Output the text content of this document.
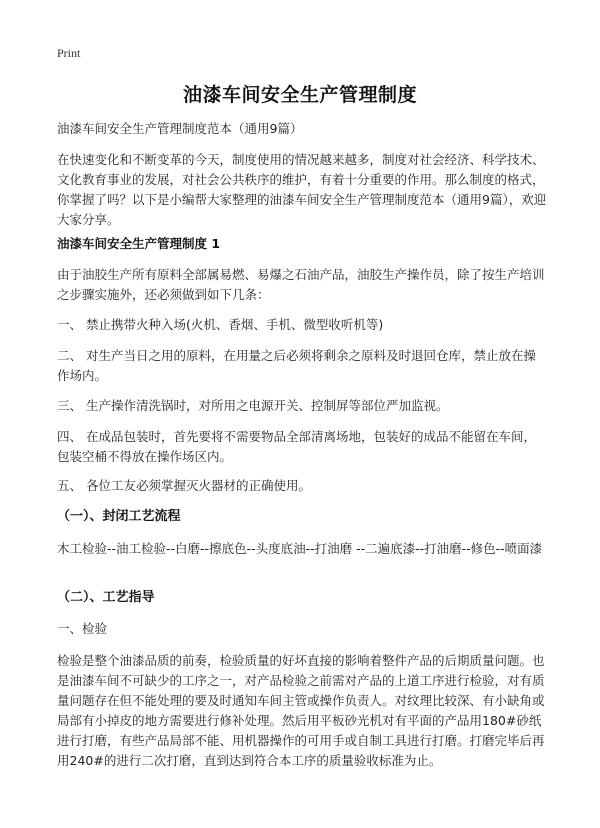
Print
油漆车间安全生产管理制度
油漆车间安全生产管理制度范本（通用9篇）
在快速变化和不断变革的今天，制度使用的情况越来越多，制度对社会经济、科学技术、文化教育事业的发展，对社会公共秩序的维护，有着十分重要的作用。那么制度的格式，你掌握了吗？以下是小编帮大家整理的油漆车间安全生产管理制度范本（通用9篇），欢迎大家分享。
油漆车间安全生产管理制度 1
由于油胶生产所有原料全部属易燃、易爆之石油产品，油胶生产操作员，除了按生产培训之步骤实施外，还必须做到如下几条：
一、 禁止携带火种入场(火机、香烟、手机、微型收听机等)
二、 对生产当日之用的原料，在用量之后必须将剩余之原料及时退回仓库，禁止放在操作场内。
三、 生产操作清洗锅时，对所用之电源开关、控制屏等部位严加监视。
四、 在成品包装时，首先要将不需要物品全部清离场地，包装好的成品不能留在车间，包装空桶不得放在操作场区内。
五、 各位工友必须掌握灭火器材的正确使用。
（一）、封闭工艺流程
木工检验--油工检验--白磨--擦底色--头度底油--打油磨 --二遍底漆--打油磨--修色--喷面漆
（二）、工艺指导
一、检验
检验是整个油漆品质的前奏，检验质量的好坏直接的影响着整件产品的后期质量问题。也是油漆车间不可缺少的工序之一，对产品检验之前需对产品的上道工序进行检验，对有质量问题存在但不能处理的要及时通知车间主管或操作负责人。对纹理比较深、有小缺角或局部有小掉皮的地方需要进行修补处理。然后用平板砂光机对有平面的产品用180#砂纸进行打磨，有些产品局部不能、用机器操作的可用手或自制工具进行打磨。打磨完毕后再用240#的进行二次打磨，直到达到符合本工序的质量验收标准为止。
